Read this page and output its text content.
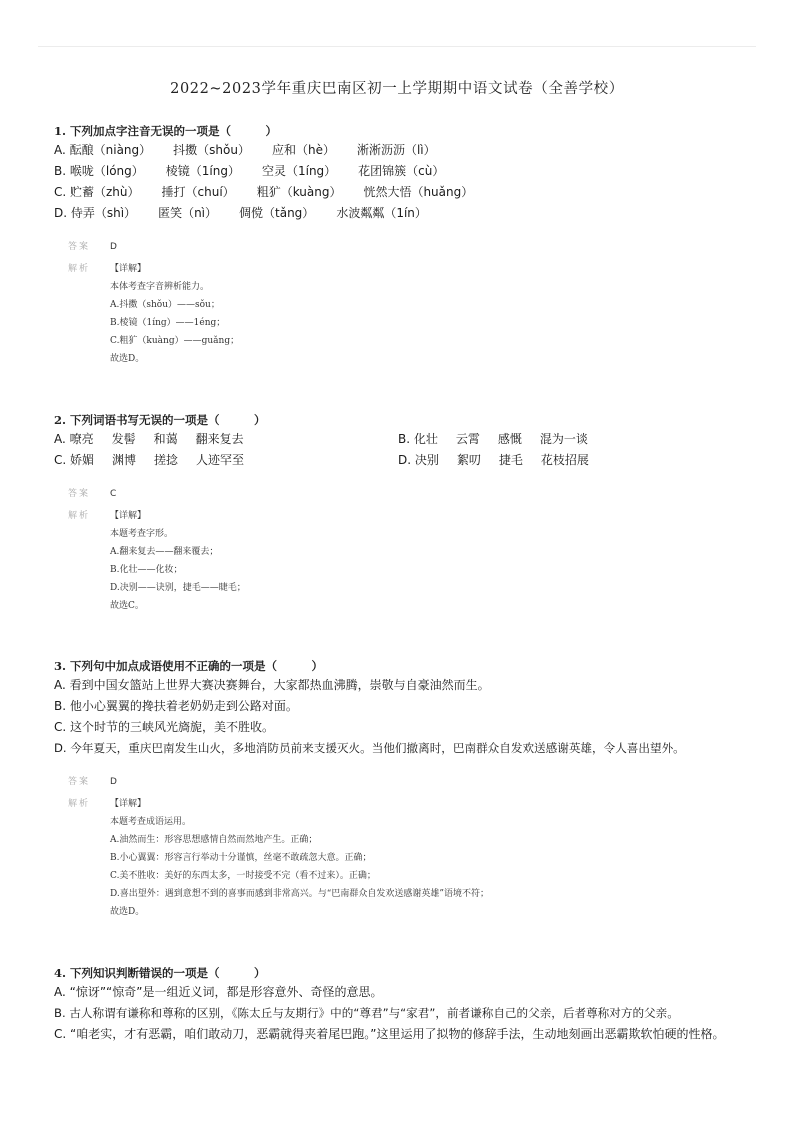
2022~2023学年重庆巴南区初一上学期期中语文试卷（全善学校）
1. 下列加点字注音无误的一项是（　　　）
A. 酝酿（niàng） 抖擞（shǒu） 应和（hè） 淅淅沥沥（lì）
B. 喉咙（lóng） 棱镜（1íng） 空灵（1íng） 花团锦簇（cù）
C. 贮蓄（zhù） 捶打（chuí） 粗犷（kuàng） 恍然大悟（huǎng）
D. 侍弄（shì） 匿笑（nì） 倜傥（tǎng） 水波粼粼（1ín）
答案	D
解析	【详解】
本体考查字音辨析能力。
A.抖擞（shǒu）——sǒu；
B.棱镜（1íng）——1éng；
C.粗犷（kuàng）——guǎng；
故选D。
2. 下列词语书写无误的一项是（　　　）
A. 嘹亮 发髻 和蔼 翻来复去	B. 化壮 云霄 感慨 混为一谈
C. 娇媚 渊博 搓捻 人迹罕至	D. 决别 絮叨 捷毛 花枝招展
答案	C
解析	【详解】
本题考查字形。
A.翻来复去——翻来覆去；
B.化壮——化妆；
D.决别——诀别，捷毛——睫毛；
故选C。
3. 下列句中加点成语使用不正确的一项是（　　　）
A. 看到中国女篮站上世界大赛决赛舞台，大家都热血沸腾，崇敬与自豪油然而生。
B. 他小心翼翼的搀扶着老奶奶走到公路对面。
C. 这个时节的三峡风光旖旎，美不胜收。
D. 今年夏天，重庆巴南发生山火，多地消防员前来支援灭火。当他们撤离时，巴南群众自发欢送感谢英雄，令人喜出望外。
答案	D
解析	【详解】
本题考查成语运用。
A.油然而生：形容思想感情自然而然地产生。正确；
B.小心翼翼：形容言行举动十分谨慎，丝毫不敢疏忽大意。正确；
C.美不胜收：美好的东西太多，一时接受不完（看不过来）。正确；
D.喜出望外：遇到意想不到的喜事而感到非常高兴。与“巴南群众自发欢送感谢英雄”语境不符；
故选D。
4. 下列知识判断错误的一项是（　　　）
A. “惊讶”“惊奇”是一组近义词，都是形容意外、奇怪的意思。
B. 古人称谓有谦称和尊称的区别，《陈太丘与友期行》中的“尊君”与“家君”，前者谦称自己的父亲，后者尊称对方的父亲。
C. “咱老实，才有恶霸，咱们敢动刀，恶霸就得夹着尾巴跑。”这里运用了拟物的修辞手法，生动地刻画出恶霸欺软怕硬的性格。
